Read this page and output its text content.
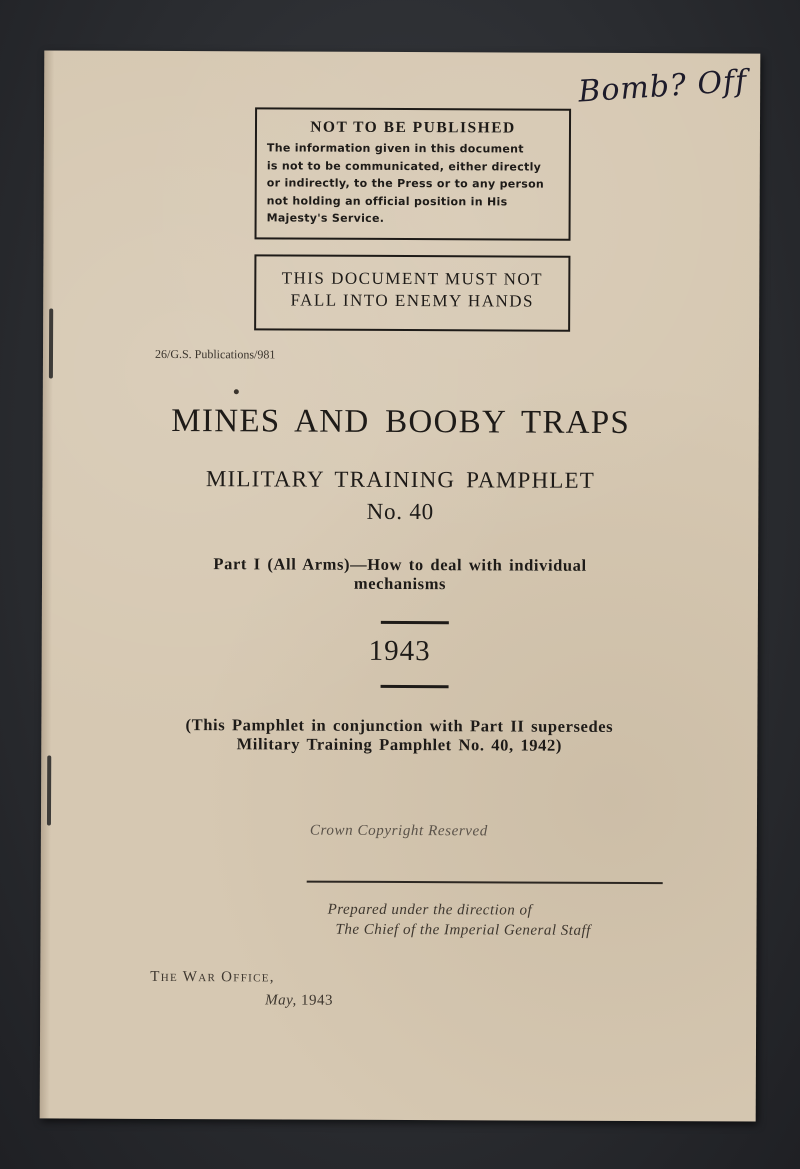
Bomb? Off
NOT TO BE PUBLISHED
The information given in this document
is not to be communicated, either directly
or indirectly, to the Press or to any person
not holding an official position in His
Majesty's Service.
THIS DOCUMENT MUST NOT
FALL INTO ENEMY HANDS
26/G.S. Publications/981
MINES AND BOOBY TRAPS
MILITARY TRAINING PAMPHLET
No. 40
Part I (All Arms)—How to deal with individual
mechanisms
1943
(This Pamphlet in conjunction with Part II supersedes
Military Training Pamphlet No. 40, 1942)
Crown Copyright Reserved
Prepared under the direction of
The Chief of the Imperial General Staff
The War Office,
May, 1943
